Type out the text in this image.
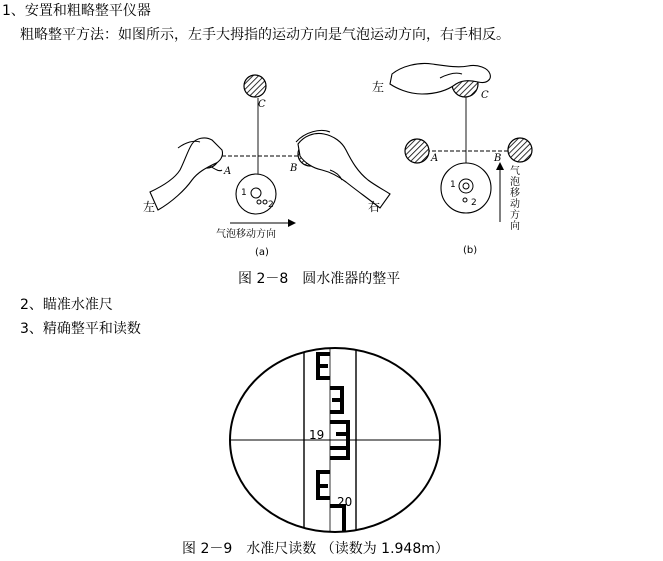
1、安置和粗略整平仪器
粗略整平方法：如图所示，左手大拇指的运动方向是气泡运动方向，右手相反。
左	右
C
A	B
1
2
气泡移动方向
(a)
左
C
A	B
1
2
气泡移动方向
(b)
图 2－8　圆水准器的整平
2、瞄准水准尺
3、精确整平和读数
19
20
图 2－9　水准尺读数 （读数为 1.948m）
